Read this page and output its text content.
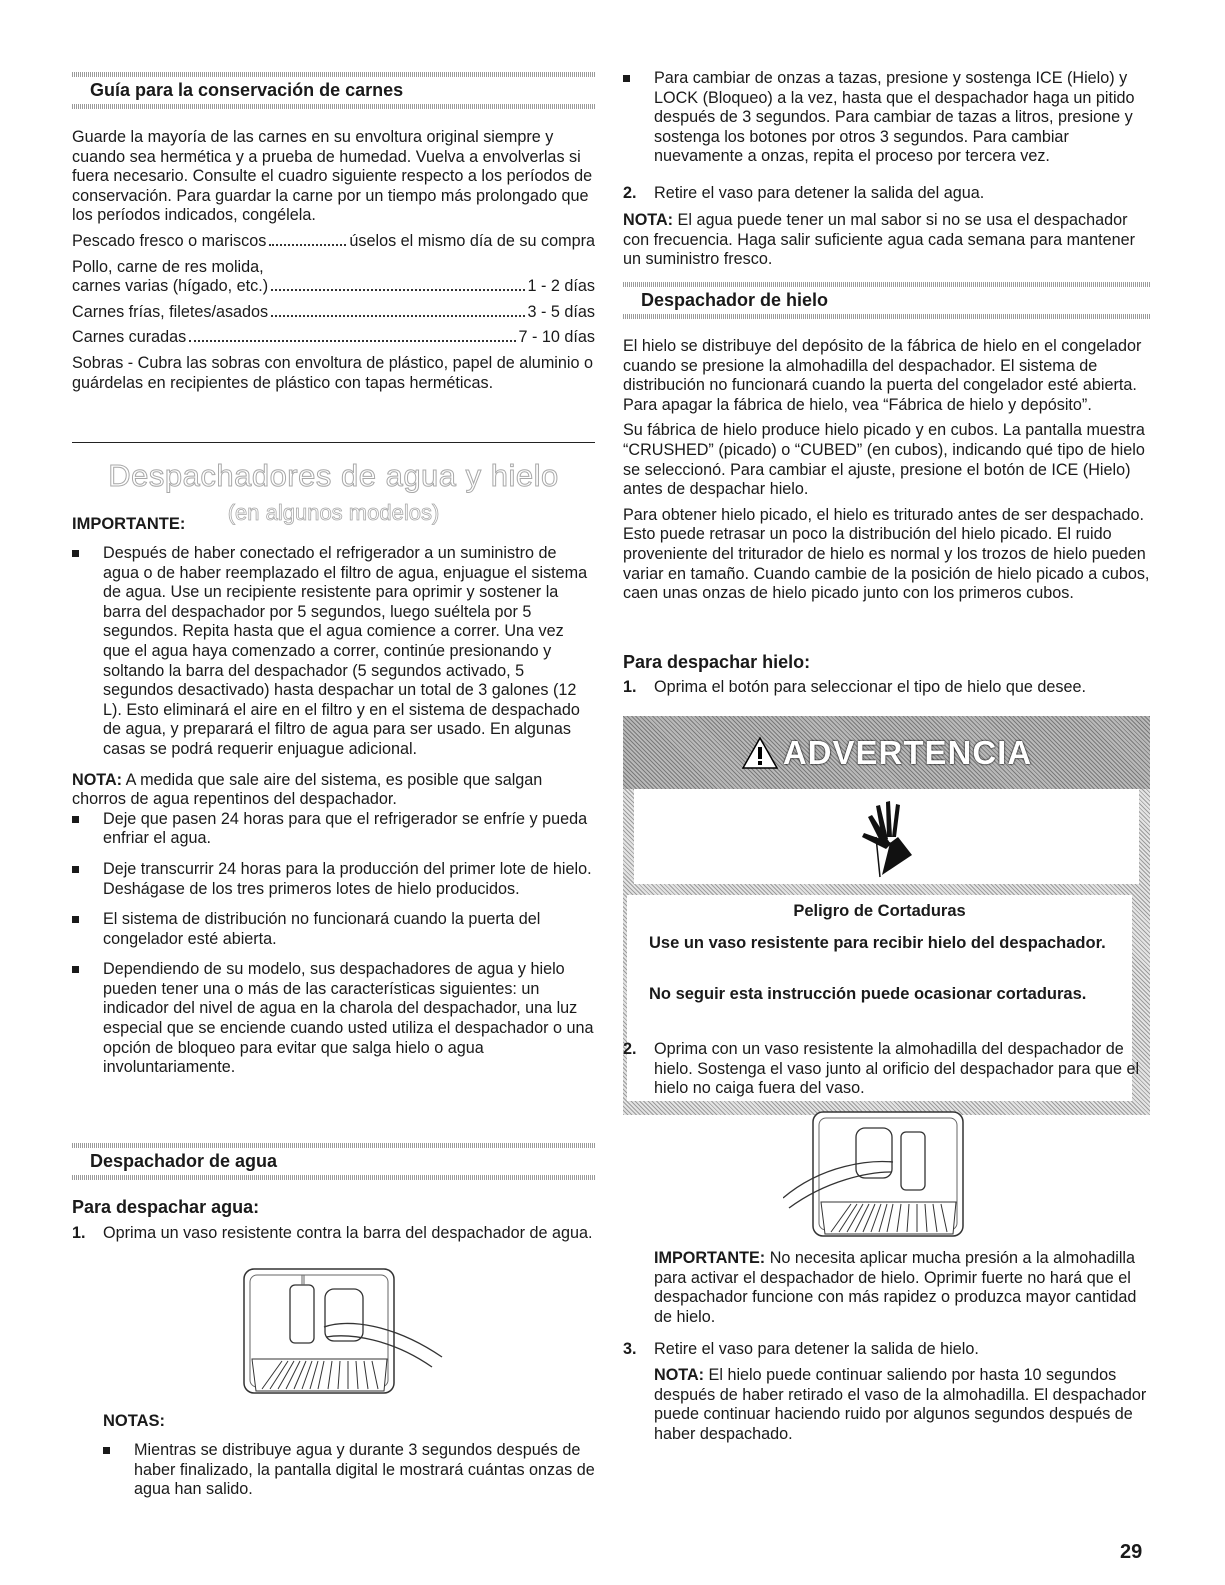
Guía para la conservación de carnes

Guarde la mayoría de las carnes en su envoltura original siempre y cuando sea hermética y a prueba de humedad. Vuelva a envolverlas si fuera necesario. Consulte el cuadro siguiente respecto a los períodos de conservación. Para guardar la carne por un tiempo más prolongado que los períodos indicados, congélela.

Pescado fresco o mariscos	úselos el mismo día de su compra

Pollo, carne de res molida,

carnes varias (hígado, etc.)	1 - 2 días
Carnes frías, filetes/asados	3 - 5 días
Carnes curadas	7 - 10 días

Sobras - Cubra las sobras con envoltura de plástico, papel de aluminio o guárdelas en recipientes de plástico con tapas herméticas.

Despachadores de agua y hielo
(en algunos modelos)
IMPORTANTE:
Después de haber conectado el refrigerador a un suministro de agua o de haber reemplazado el filtro de agua, enjuague el sistema de agua. Use un recipiente resistente para oprimir y sostener la barra del despachador por 5 segundos, luego suéltela por 5 segundos. Repita hasta que el agua comience a correr. Una vez que el agua haya comenzado a correr, continúe presionando y soltando la barra del despachador (5 segundos activado, 5 segundos desactivado) hasta despachar un total de 3 galones (12 L). Esto eliminará el aire en el filtro y en el sistema de despachado de agua, y preparará el filtro de agua para ser usado. En algunas casas se podrá requerir enjuague adicional.

NOTA: A medida que sale aire del sistema, es posible que salgan chorros de agua repentinos del despachador.

Deje que pasen 24 horas para que el refrigerador se enfríe y pueda enfriar el agua.
Deje transcurrir 24 horas para la producción del primer lote de hielo. Deshágase de los tres primeros lotes de hielo producidos.
El sistema de distribución no funcionará cuando la puerta del congelador esté abierta.
Dependiendo de su modelo, sus despachadores de agua y hielo pueden tener una o más de las características siguientes: un indicador del nivel de agua en la charola del despachador, una luz especial que se enciende cuando usted utiliza el despachador o una opción de bloqueo para evitar que salga hielo o agua involuntariamente.
Despachador de agua
Para despachar agua:
1. Oprima un vaso resistente contra la barra del despachador de agua.
NOTAS:
Mientras se distribuye agua y durante 3 segundos después de haber finalizado, la pantalla digital le mostrará cuántas onzas de agua han salido.
Para cambiar de onzas a tazas, presione y sostenga ICE (Hielo) y LOCK (Bloqueo) a la vez, hasta que el despachador haga un pitido después de 3 segundos. Para cambiar de tazas a litros, presione y sostenga los botones por otros 3 segundos. Para cambiar nuevamente a onzas, repita el proceso por tercera vez.
2. Retire el vaso para detener la salida del agua.

NOTA: El agua puede tener un mal sabor si no se usa el despachador con frecuencia. Haga salir suficiente agua cada semana para mantener un suministro fresco.

Despachador de hielo

El hielo se distribuye del depósito de la fábrica de hielo en el congelador cuando se presione la almohadilla del despachador. El sistema de distribución no funcionará cuando la puerta del congelador esté abierta. Para apagar la fábrica de hielo, vea “Fábrica de hielo y depósito”.

Su fábrica de hielo produce hielo picado y en cubos. La pantalla muestra “CRUSHED” (picado) o “CUBED” (en cubos), indicando qué tipo de hielo se seleccionó. Para cambiar el ajuste, presione el botón de ICE (Hielo) antes de despachar hielo.

Para obtener hielo picado, el hielo es triturado antes de ser despachado. Esto puede retrasar un poco la distribución del hielo picado. El ruido proveniente del triturador de hielo es normal y los trozos de hielo pueden variar en tamaño. Cuando cambie de la posición de hielo picado a cubos, caen unas onzas de hielo picado junto con los primeros cubos.

Para despachar hielo:
1. Oprima el botón para seleccionar el tipo de hielo que desee.
ADVERTENCIA
Peligro de Cortaduras
Use un vaso resistente para recibir hielo del despachador.
No seguir esta instrucción puede ocasionar cortaduras.
2. Oprima con un vaso resistente la almohadilla del despachador de hielo. Sostenga el vaso junto al orificio del despachador para que el hielo no caiga fuera del vaso.

IMPORTANTE: No necesita aplicar mucha presión a la almohadilla para activar el despachador de hielo. Oprimir fuerte no hará que el despachador funcione con más rapidez o produzca mayor cantidad de hielo.

3. Retire el vaso para detener la salida de hielo.

NOTA: El hielo puede continuar saliendo por hasta 10 segundos después de haber retirado el vaso de la almohadilla. El despachador puede continuar haciendo ruido por algunos segundos después de haber despachado.

29
